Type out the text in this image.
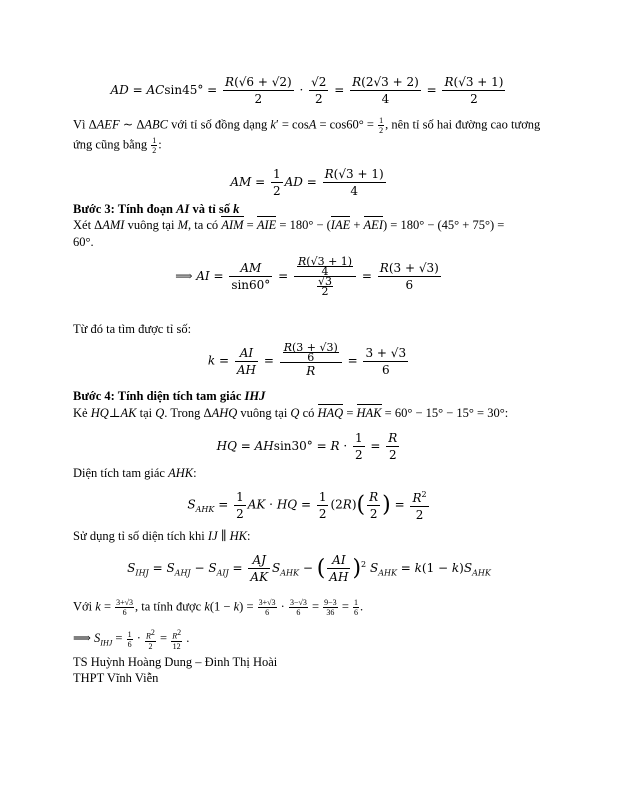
AD = $ACsin45^\circ = \frac{R(√6 + √2)}{2} \cdot \frac{√2}{2} = \frac{R(2√3 + 2)}{4} = \frac{R(√3 + 1)}{2}$
Vì ΔAEF ∼ ΔABC với tỉ số đồng dạng $k' = \cos A = \cos 60^\circ = \frac{1}{2}$ , nên tỉ số hai đường cao tương
ứng cũng bằng $\frac{1}{2}$ :
AM = $\frac{1}{2}$ AD = $\frac{R(√3 + 1)}{4}$
Bước 3: Tính đoạn AI và tỉ số k
Xét ΔAMI vuông tại M, ta có AIM = AIE = 180° − (IAE + AEI) = 180° − (45° + 75°) =
60°.
⟹ AI = $\frac{AM}{\sin 60^\circ} = \frac{\frac{R(√3 + 1)}{4}}{\frac{√3}{2}} = \frac{R(3 + √3)}{6}$
Từ đó ta tìm được tỉ số:
$k = \frac{AI}{AH} = \frac{\frac{R(3 + √3)}{6}}{R} = \frac{3 + √3}{6}$
Bước 4: Tính diện tích tam giác IHJ
Kẻ HQ⊥AK tại Q. Trong ΔAHQ vuông tại Q có HAQ = HAK = 60° − 15° − 15° = 30°:
HQ = $AHsin30^\circ = R \cdot \frac{1}{2} = \frac{R}{2}$
Diện tích tam giác AHK:
$S_{AHK} = \frac{1}{2}$ AK · HQ = $\frac{1}{2} (2R)( \frac{R}{2}$ ) = $\frac{R^2}{2}$
Sử dụng tỉ số diện tích khi IJ ∥ HK:
$S_{IHJ} = S_{AHJ} - S_{AIJ} = \frac{AJ}{AK} S_{AHK}$ − ( $\frac{AI}{AH} )^2$ $S_{AHK} = k(1 - k)S_{AHK}$
Với $k = \frac{3+√3}{6}$ , ta tính được $k(1 - k) = \frac{3+√3}{6} \cdot \frac{3-√3}{6} = \frac{9-3}{36} = \frac{1}{6}$ .
⟹ $S_{IHJ} = \frac{1}{6} \cdot \frac{R^2}{2} = \frac{R^2}{12}$ .
TS Huỳnh Hoàng Dung – Đinh Thị Hoài
THPT Vĩnh Viễn
